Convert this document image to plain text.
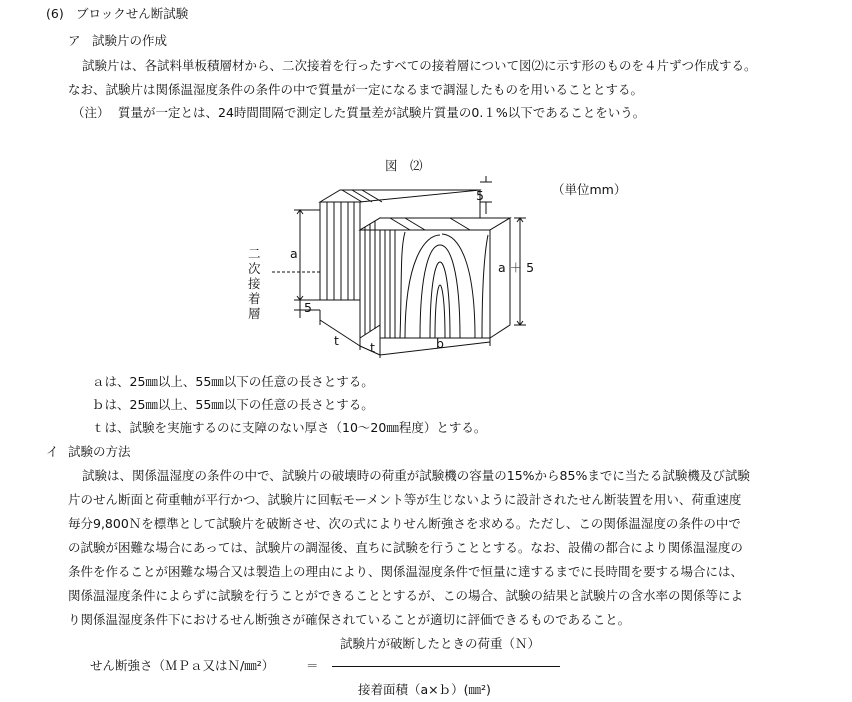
(6) ブロックせん断試験
ア 試験片の作成
試験片は、各試料単板積層材から、二次接着を行ったすべての接着層について図⑵に示す形のものを４片ずつ作成する。
なお、試験片は関係温湿度条件の条件の中で質量が一定になるまで調湿したものを用いることとする。
（注） 質量が一定とは、24時間間隔で測定した質量差が試験片質量の0.１%以下であることをいう。
図　⑵
（単位mm）
二次接着層
a
5
5
a ＋ 5
t t	b
ａは、25㎜以上、55㎜以下の任意の長さとする。
ｂは、25㎜以上、55㎜以下の任意の長さとする。
ｔは、試験を実施するのに支障のない厚さ（10～20㎜程度）とする。
イ 試験の方法
試験は、関係温湿度の条件の中で、試験片の破壊時の荷重が試験機の容量の15%から85%までに当たる試験機及び試験
片のせん断面と荷重軸が平行かつ、試験片に回転モーメント等が生じないように設計されたせん断装置を用い、荷重速度
毎分9,800Ｎを標準として試験片を破断させ、次の式によりせん断強さを求める。ただし、この関係温湿度の条件の中で
の試験が困難な場合にあっては、試験片の調湿後、直ちに試験を行うこととする。なお、設備の都合により関係温湿度の
条件を作ることが困難な場合又は製造上の理由により、関係温湿度条件で恒量に達するまでに長時間を要する場合には、
関係温湿度条件によらずに試験を行うことができることとするが、この場合、試験の結果と試験片の含水率の関係等によ
り関係温湿度条件下におけるせん断強さが確保されていることが適切に評価できるものであること。
試験片が破断したときの荷重（Ｎ）
せん断強さ（ＭＰａ又はＮ/㎜²）	＝
接着面積（a×ｂ）(㎜²)
